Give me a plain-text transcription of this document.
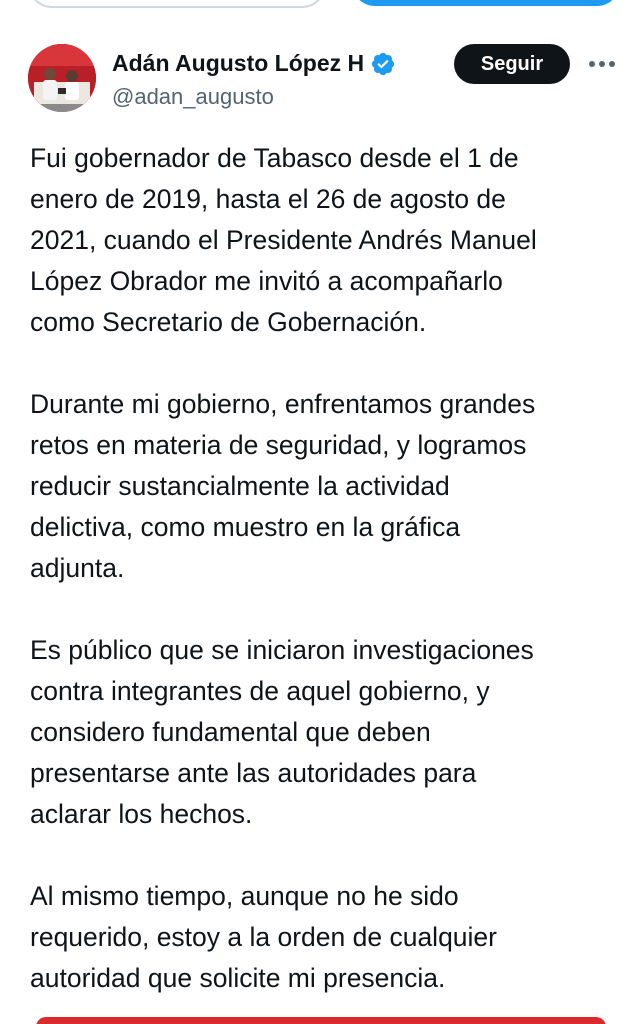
Adán Augusto López H
@adan_augusto
Seguir

Fui gobernador de Tabasco desde el 1 de
enero de 2019, hasta el 26 de agosto de
2021, cuando el Presidente Andrés Manuel
López Obrador me invitó a acompañarlo
como Secretario de Gobernación.

Durante mi gobierno, enfrentamos grandes
retos en materia de seguridad, y logramos
reducir sustancialmente la actividad
delictiva, como muestro en la gráfica
adjunta.

Es público que se iniciaron investigaciones
contra integrantes de aquel gobierno, y
considero fundamental que deben
presentarse ante las autoridades para
aclarar los hechos.

Al mismo tiempo, aunque no he sido
requerido, estoy a la orden de cualquier
autoridad que solicite mi presencia.
